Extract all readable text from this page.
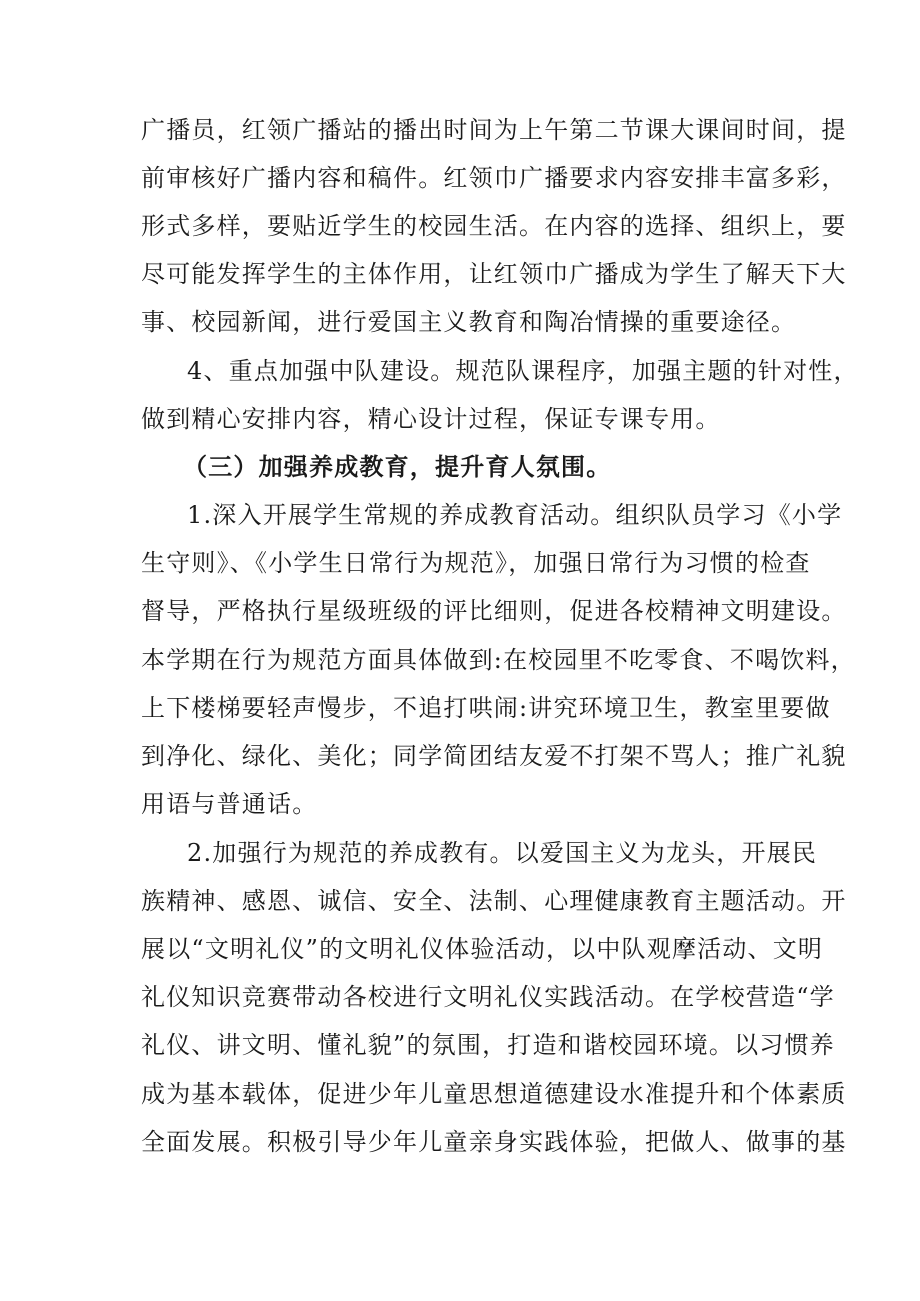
广播员，红领广播站的播出时间为上午第二节课大课间时间，提
前审核好广播内容和稿件。红领巾广播要求内容安排丰富多彩，
形式多样，要贴近学生的校园生活。在内容的选择、组织上，要
尽可能发挥学生的主体作用，让红领巾广播成为学生了解天下大
事、校园新闻，进行爱国主义教育和陶冶情操的重要途径。
4、重点加强中队建设。规范队课程序，加强主题的针对性，
做到精心安排内容，精心设计过程，保证专课专用。
（三）加强养成教育，提升育人氛围。
1.深入开展学生常规的养成教育活动。组织队员学习《小学
生守则》、《小学生日常行为规范》，加强日常行为习惯的检查
督导，严格执行星级班级的评比细则，促进各校精神文明建设。
本学期在行为规范方面具体做到:在校园里不吃零食、不喝饮料，
上下楼梯要轻声慢步，不追打哄闹:讲究环境卫生，教室里要做
到净化、绿化、美化；同学简团结友爱不打架不骂人；推广礼貌
用语与普通话。
2.加强行为规范的养成教有。以爱国主义为龙头，开展民
族精神、感恩、诚信、安全、法制、心理健康教育主题活动。开
展以“文明礼仪”的文明礼仪体验活动，以中队观摩活动、文明
礼仪知识竞赛带动各校进行文明礼仪实践活动。在学校营造“学
礼仪、讲文明、懂礼貌”的氛围，打造和谐校园环境。以习惯养
成为基本载体，促进少年儿童思想道德建设水准提升和个体素质
全面发展。积极引导少年儿童亲身实践体验，把做人、做事的基
